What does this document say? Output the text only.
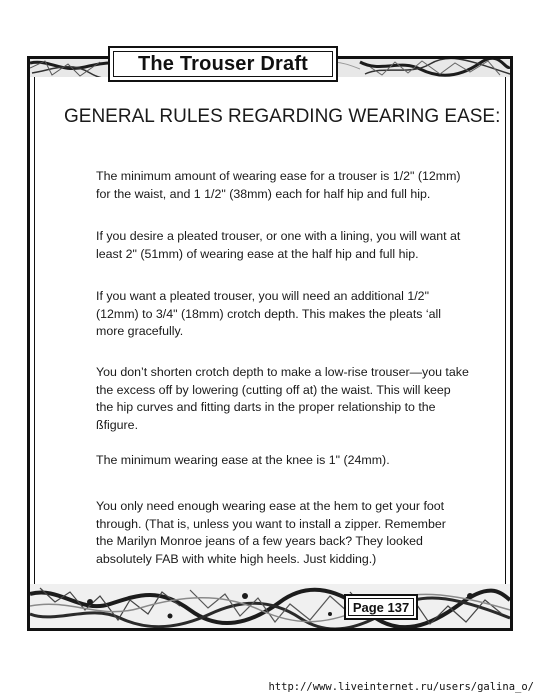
The Trouser Draft
GENERAL RULES REGARDING WEARING EASE:

The minimum amount of wearing ease for a trouser is 1/2" (12mm)
for the waist, and 1 1/2" (38mm) each for half hip and full hip.

If you desire a pleated trouser, or one with a lining, you will want at
least 2" (51mm) of wearing ease at the half hip and full hip.

If you want a pleated trouser, you will need an additional 1/2"
(12mm) to 3/4" (18mm) crotch depth. This makes the pleats ‘all
more gracefully.

You don’t shorten crotch depth to make a low-rise trouser—you take
the excess off by lowering (cutting off at) the waist. This will keep
the hip curves and fitting darts in the proper relationship to the
ßfigure.

The minimum wearing ease at the knee is 1" (24mm).

You only need enough wearing ease at the hem to get your foot
through. (That is, unless you want to install a zipper. Remember
the Marilyn Monroe jeans of a few years back? They looked
absolutely FAB with white high heels. Just kidding.)

Page 137
http://www.liveinternet.ru/users/galina_o/
